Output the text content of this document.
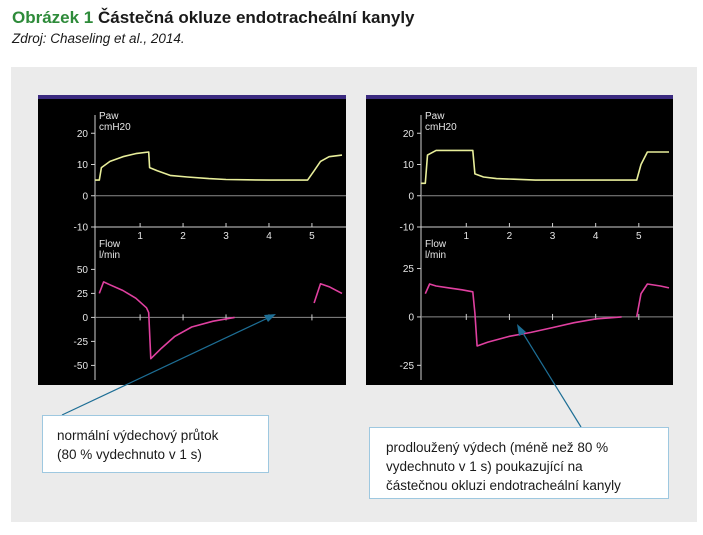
Obrázek 1 Částečná okluze endotracheální kanyly
Zdroj: Chaseling et al., 2014.
Paw
cmH20
20
10
0
-10
1	2	3	4	5
Flow
l/min
50
25
0
-25
-50
Paw
cmH20
20
10
0
-10
1	2	3	4	5
Flow
l/min
25
0
-25
normální výdechový průtok
(80 % vydechnuto v 1 s)	prodloužený výdech (méně než 80 %
vydechnuto v 1 s) poukazující na
částečnou okluzi endotracheální kanyly
